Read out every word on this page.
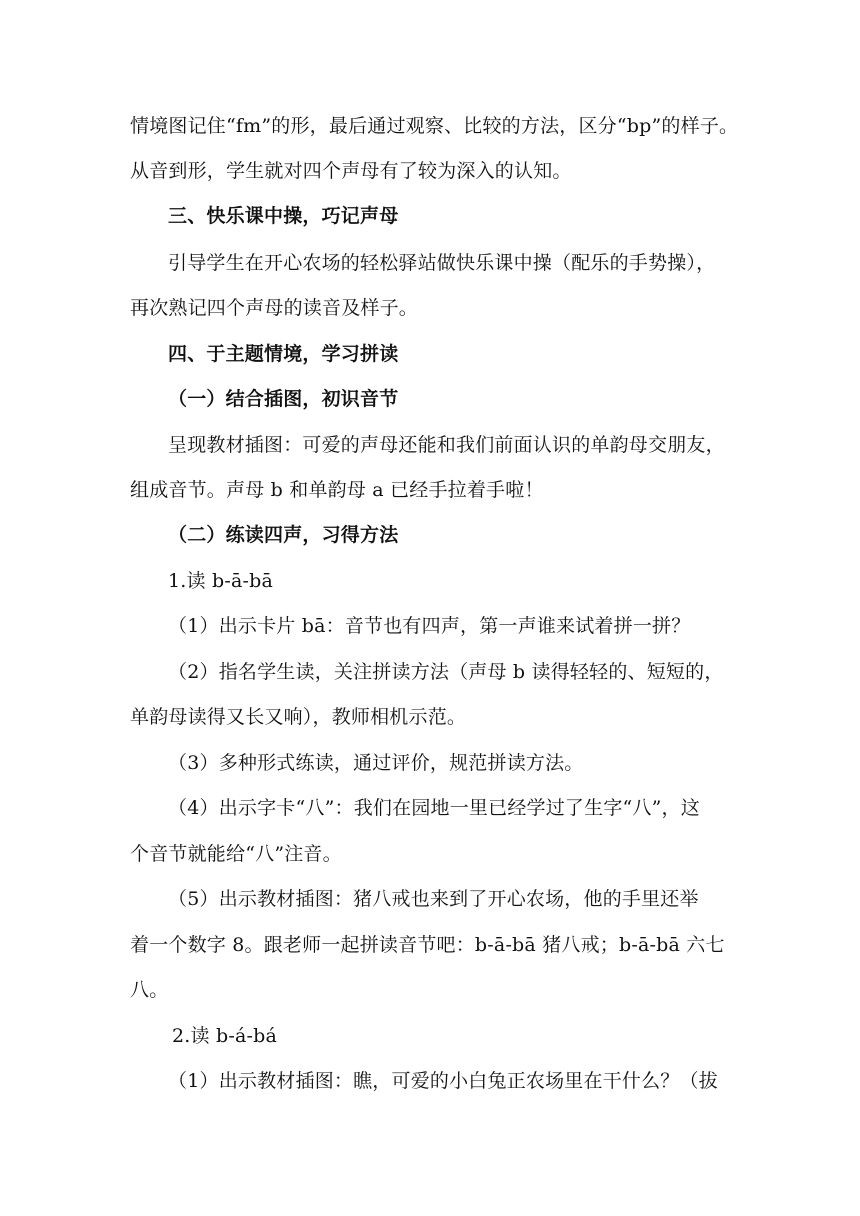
情境图记住“fm”的形，最后通过观察、比较的方法，区分“bp”的样子。
从音到形，学生就对四个声母有了较为深入的认知。
三、快乐课中操，巧记声母
引导学生在开心农场的轻松驿站做快乐课中操（配乐的手势操），
再次熟记四个声母的读音及样子。
四、于主题情境，学习拼读
（一）结合插图，初识音节
呈现教材插图：可爱的声母还能和我们前面认识的单韵母交朋友，
组成音节。声母 b 和单韵母 a 已经手拉着手啦！
（二）练读四声，习得方法
1.读 b-ā-bā
（1）出示卡片 bā：音节也有四声，第一声谁来试着拼一拼？
（2）指名学生读，关注拼读方法（声母 b 读得轻轻的、短短的，
单韵母读得又长又响），教师相机示范。
（3）多种形式练读，通过评价，规范拼读方法。
（4）出示字卡“八”：我们在园地一里已经学过了生字“八”，这
个音节就能给“八”注音。
（5）出示教材插图：猪八戒也来到了开心农场，他的手里还举
着一个数字 8。跟老师一起拼读音节吧：b-ā-bā 猪八戒；b-ā-bā 六七
八。
2.读 b-á-bá
（1）出示教材插图：瞧，可爱的小白兔正农场里在干什么？（拔
